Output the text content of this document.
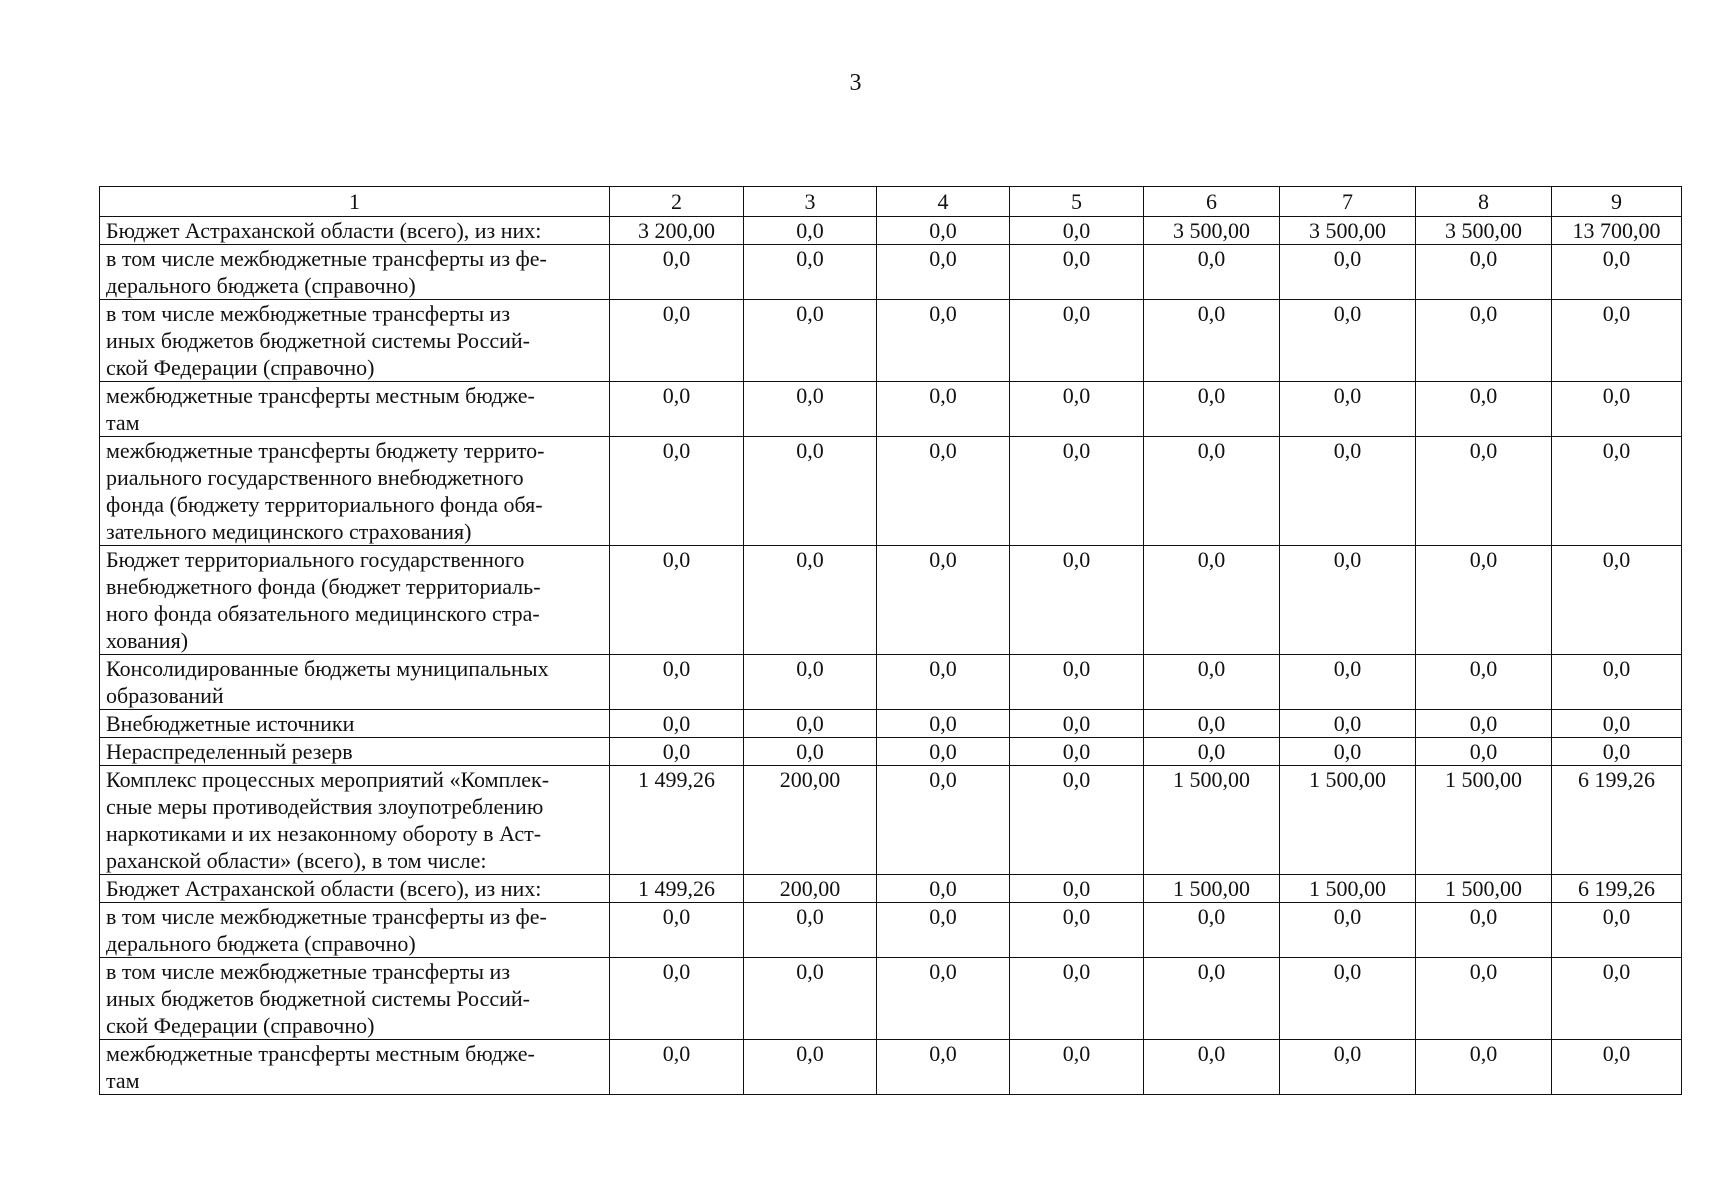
3
1	2	3	4	5	6	7	8	9
Бюджет Астраханской области (всего), из них:	3 200,00	0,0	0,0	0,0	3 500,00	3 500,00	3 500,00	13 700,00
в том числе межбюджетные трансферты из фе-
дерального бюджета (справочно)	0,0	0,0	0,0	0,0	0,0	0,0	0,0	0,0
в том числе межбюджетные трансферты из
иных бюджетов бюджетной системы Россий-
ской Федерации (справочно)	0,0	0,0	0,0	0,0	0,0	0,0	0,0	0,0
межбюджетные трансферты местным бюдже-
там	0,0	0,0	0,0	0,0	0,0	0,0	0,0	0,0
межбюджетные трансферты бюджету террито-
риального государственного внебюджетного
фонда (бюджету территориального фонда обя-
зательного медицинского страхования)	0,0	0,0	0,0	0,0	0,0	0,0	0,0	0,0
Бюджет территориального государственного
внебюджетного фонда (бюджет территориаль-
ного фонда обязательного медицинского стра-
хования)	0,0	0,0	0,0	0,0	0,0	0,0	0,0	0,0
Консолидированные бюджеты муниципальных
образований	0,0	0,0	0,0	0,0	0,0	0,0	0,0	0,0
Внебюджетные источники	0,0	0,0	0,0	0,0	0,0	0,0	0,0	0,0
Нераспределенный резерв	0,0	0,0	0,0	0,0	0,0	0,0	0,0	0,0
Комплекс процессных мероприятий «Комплек-
сные меры противодействия злоупотреблению
наркотиками и их незаконному обороту в Аст-
раханской области» (всего), в том числе:	1 499,26	200,00	0,0	0,0	1 500,00	1 500,00	1 500,00	6 199,26
Бюджет Астраханской области (всего), из них:	1 499,26	200,00	0,0	0,0	1 500,00	1 500,00	1 500,00	6 199,26
в том числе межбюджетные трансферты из фе-
дерального бюджета (справочно)	0,0	0,0	0,0	0,0	0,0	0,0	0,0	0,0
в том числе межбюджетные трансферты из
иных бюджетов бюджетной системы Россий-
ской Федерации (справочно)	0,0	0,0	0,0	0,0	0,0	0,0	0,0	0,0
межбюджетные трансферты местным бюдже-
там	0,0	0,0	0,0	0,0	0,0	0,0	0,0	0,0
